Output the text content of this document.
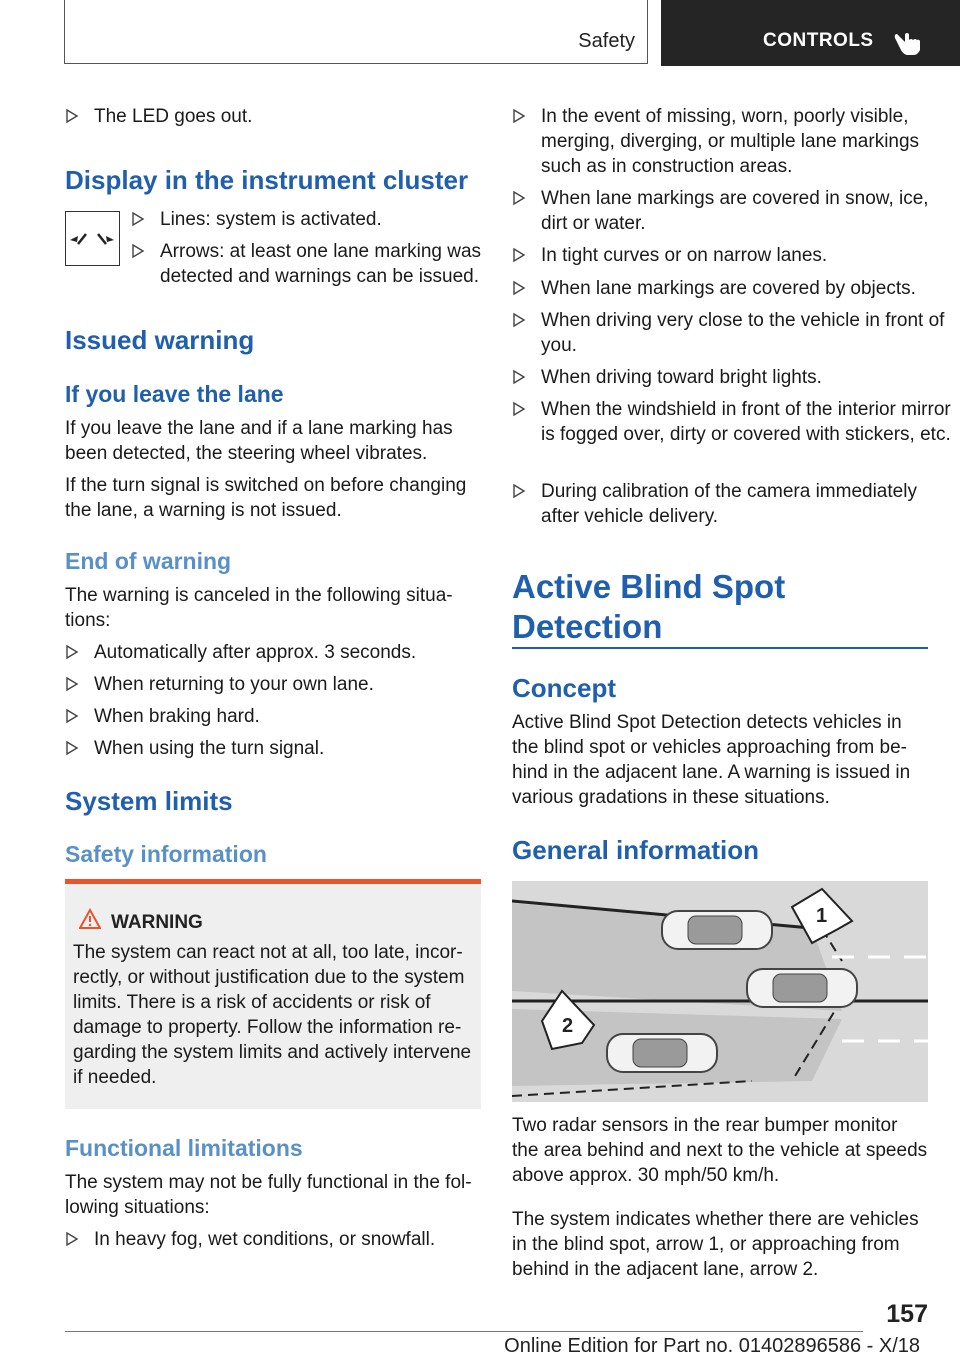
Safety	CONTROLS
The LED goes out.
Display in the instrument cluster
Lines: system is activated.
Arrows: at least one lane marking was detected and warnings can be issued.
Issued warning
If you leave the lane

If you leave the lane and if a lane marking has been detected, the steering wheel vibrates.

If the turn signal is switched on before changing the lane, a warning is not issued.

End of warning

The warning is canceled in the following situa‐tions:

Automatically after approx. 3 seconds.
When returning to your own lane.
When braking hard.
When using the turn signal.
System limits
Safety information
WARNING
The system can react not at all, too late, incor‐rectly, or without justification due to the system limits. There is a risk of accidents or risk of damage to property. Follow the information re‐garding the system limits and actively intervene if needed.
Functional limitations

The system may not be fully functional in the fol‐lowing situations:

In heavy fog, wet conditions, or snowfall.
In the event of missing, worn, poorly visible, merging, diverging, or multiple lane markings such as in construction areas.
When lane markings are covered in snow, ice, dirt or water.
In tight curves or on narrow lanes.
When lane markings are covered by objects.
When driving very close to the vehicle in front of you.
When driving toward bright lights.
When the windshield in front of the interior mirror is fogged over, dirty or covered with stickers, etc.
During calibration of the camera immediately after vehicle delivery.
Active Blind Spot
Detection
Concept

Active Blind Spot Detection detects vehicles in the blind spot or vehicles approaching from be‐hind in the adjacent lane. A warning is issued in various gradations in these situations.

General information
1
2

Two radar sensors in the rear bumper monitor the area behind and next to the vehicle at speeds above approx. 30 mph/50 km/h.

The system indicates whether there are vehicles in the blind spot, arrow 1, or approaching from behind in the adjacent lane, arrow 2.

157
Online Edition for Part no. 01402896586 - X/18
